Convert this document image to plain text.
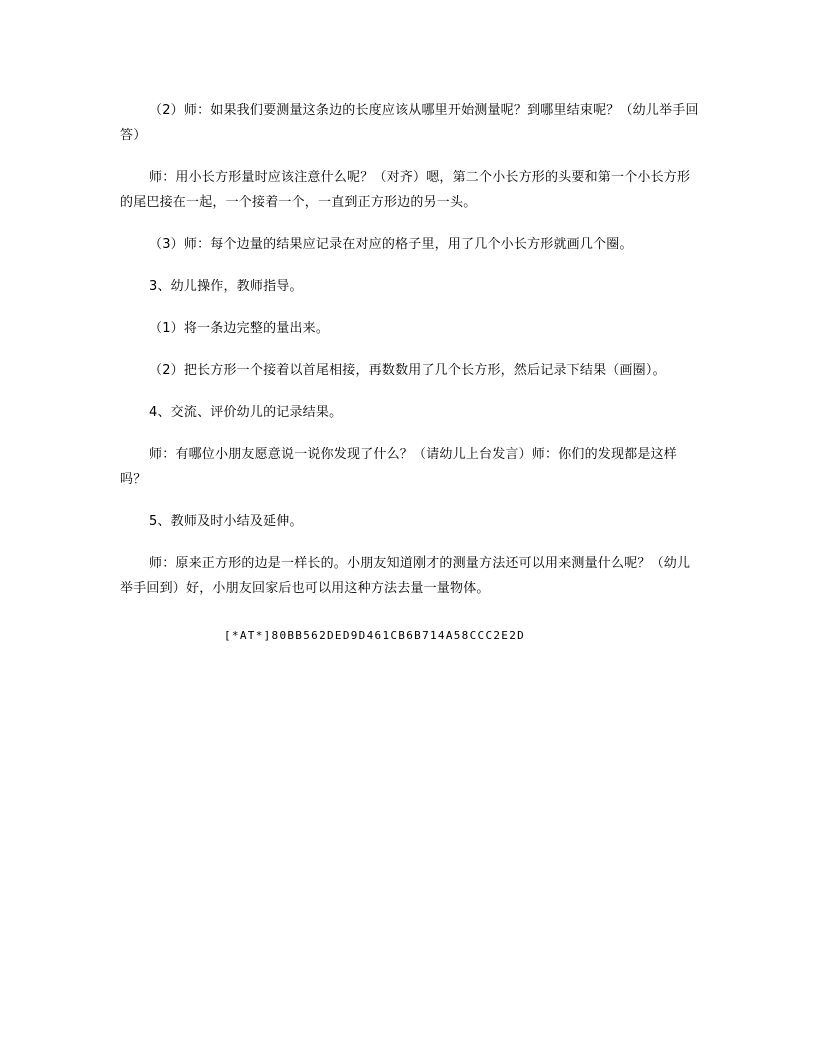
（2）师：如果我们要测量这条边的长度应该从哪里开始测量呢？到哪里结束呢？（幼儿举手回答）

师：用小长方形量时应该注意什么呢？（对齐）嗯，第二个小长方形的头要和第一个小长方形的尾巴接在一起，一个接着一个，一直到正方形边的另一头。

（3）师：每个边量的结果应记录在对应的格子里，用了几个小长方形就画几个圈。

3、幼儿操作，教师指导。

（1）将一条边完整的量出来。

（2）把长方形一个接着以首尾相接，再数数用了几个长方形，然后记录下结果（画圈）。

4、交流、评价幼儿的记录结果。

师：有哪位小朋友愿意说一说你发现了什么？（请幼儿上台发言）师：你们的发现都是这样吗？

5、教师及时小结及延伸。

师：原来正方形的边是一样长的。小朋友知道刚才的测量方法还可以用来测量什么呢？（幼儿举手回到）好，小朋友回家后也可以用这种方法去量一量物体。

[*AT*]80BB562DED9D461CB6B714A58CCC2E2D
